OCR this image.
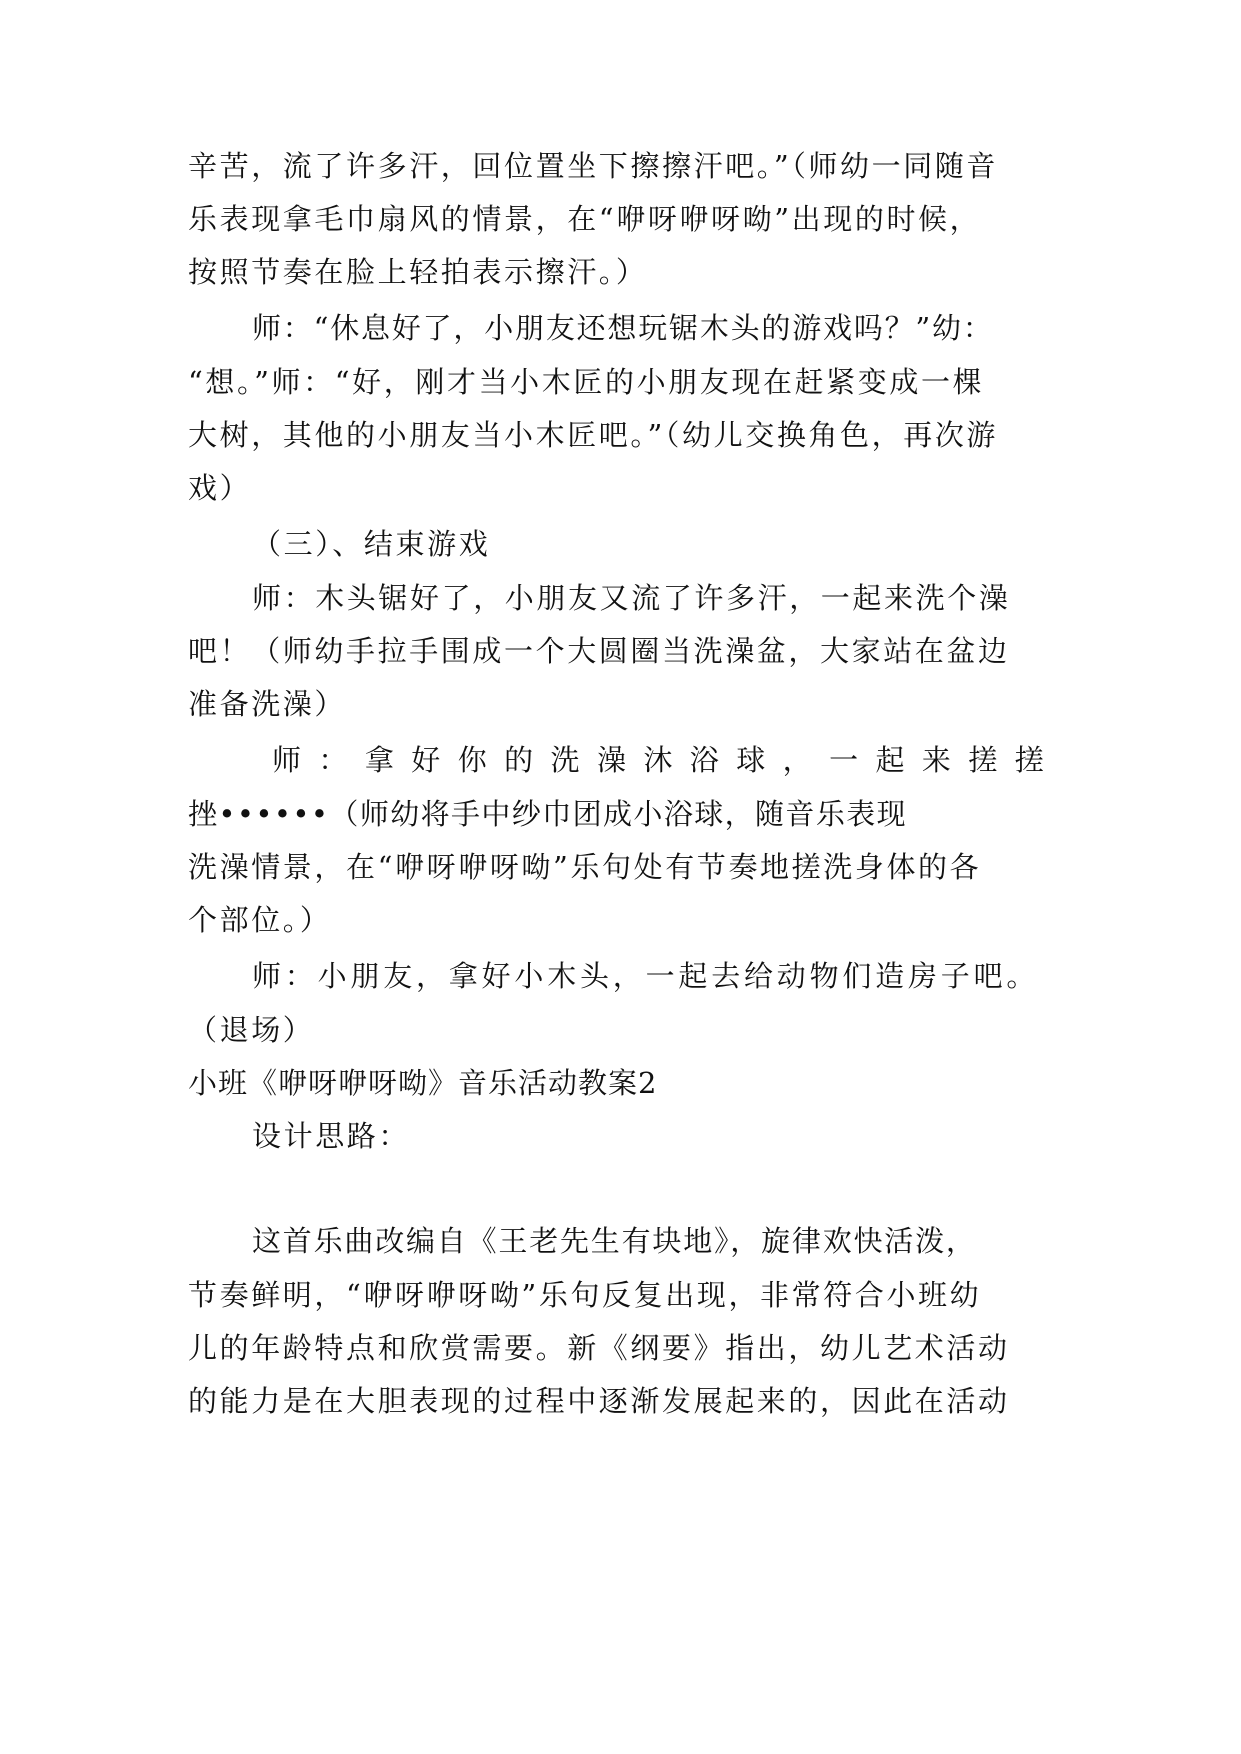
辛苦，流了许多汗，回位置坐下擦擦汗吧。”（师幼一同随音

乐表现拿毛巾扇风的情景，在“咿呀咿呀呦”出现的时候，

按照节奏在脸上轻拍表示擦汗。）

师：“休息好了，小朋友还想玩锯木头的游戏吗？”幼：

“想。”师：“好，刚才当小木匠的小朋友现在赶紧变成一棵

大树，其他的小朋友当小木匠吧。”（幼儿交换角色，再次游

戏）

（三）、结束游戏

师：木头锯好了，小朋友又流了许多汗，一起来洗个澡

吧！（师幼手拉手围成一个大圆圈当洗澡盆，大家站在盆边

准备洗澡）

师 ： 拿 好 你 的 洗 澡 沐 浴 球 ， 一 起 来 搓 搓

挫••••••（师幼将手中纱巾团成小浴球，随音乐表现

洗澡情景，在“咿呀咿呀呦”乐句处有节奏地搓洗身体的各

个部位。）

师：小朋友，拿好小木头，一起去给动物们造房子吧。

（退场）

小班《咿呀咿呀呦》音乐活动教案2

设计思路：

这首乐曲改编自《王老先生有块地》，旋律欢快活泼，

节奏鲜明，“咿呀咿呀呦”乐句反复出现，非常符合小班幼

儿的年龄特点和欣赏需要。新《纲要》指出，幼儿艺术活动

的能力是在大胆表现的过程中逐渐发展起来的，因此在活动
